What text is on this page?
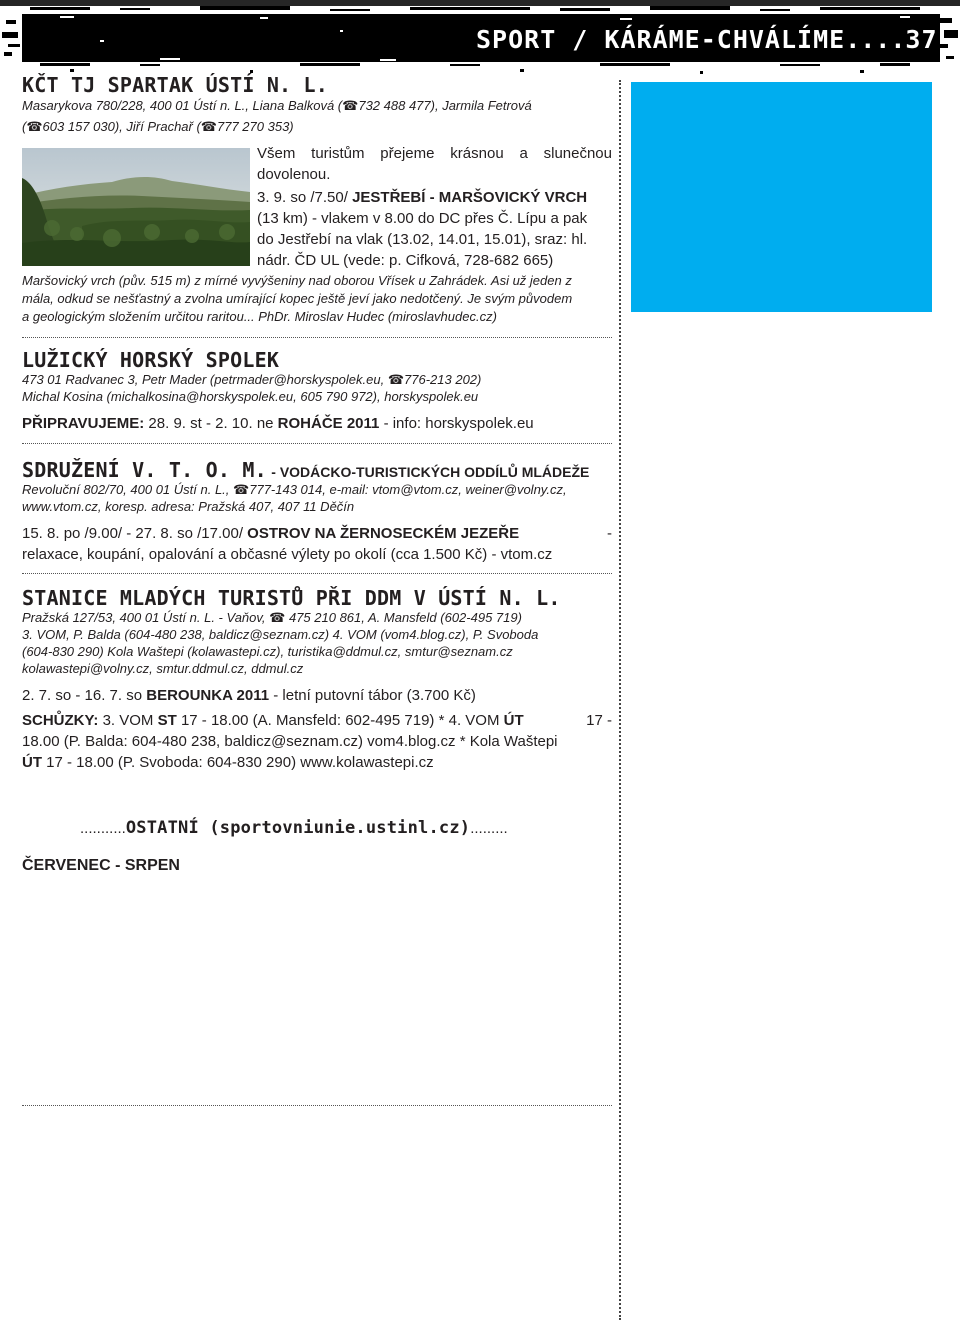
SPORT / KÁRÁME-CHVÁLÍME....37
KČT TJ SPARTAK ÚSTÍ N. L.
Masarykova 780/228, 400 01 Ústí n. L., Liana Balková (☎732 488 477), Jarmila Fetrová
(☎603 157 030), Jiří Prachař (☎777 270 353)
Všem turistům přejeme krásnou a slunečnou dovolenou.
3. 9. so /7.50/ JESTŘEBÍ - MARŠOVICKÝ VRCH
(13 km) - vlakem v 8.00 do DC přes Č. Lípu a pak
do Jestřebí na vlak (13.02, 14.01, 15.01), sraz: hl.
nádr. ČD UL (vede: p. Cifková, 728-682 665)
Maršovický vrch (pův. 515 m) z mírné vyvýšeniny nad oborou Vřísek u Zahrádek. Asi už jeden z
mála, odkud se nešťastný a zvolna umírající kopec ještě jeví jako nedotčený. Je svým původem
a geologickým složením určitou raritou... PhDr. Miroslav Hudec (miroslavhudec.cz)
LUŽICKÝ HORSKÝ SPOLEK
473 01 Radvanec 3, Petr Mader (petrmader@horskyspolek.eu, ☎776-213 202)
Michal Kosina (michalkosina@horskyspolek.eu, 605 790 972), horskyspolek.eu
PŘIPRAVUJEME: 28. 9. st - 2. 10. ne ROHÁČE 2011 - info: horskyspolek.eu
SDRUŽENÍ V. T. O. M. - VODÁCKO-TURISTICKÝCH ODDÍLŮ MLÁDEŽE
Revoluční 802/70, 400 01 Ústí n. L., ☎777-143 014, e-mail: vtom@vtom.cz, weiner@volny.cz,
www.vtom.cz, koresp. adresa: Pražská 407, 407 11 Děčín
15. 8. po /9.00/ - 27. 8. so /17.00/ OSTROV NA ŽERNOSECKÉM JEZEŘE	-
relaxace, koupání, opalování a občasné výlety po okolí (cca 1.500 Kč) - vtom.cz
STANICE MLADÝCH TURISTŮ PŘI DDM V ÚSTÍ N. L.
Pražská 127/53, 400 01 Ústí n. L. - Vaňov, ☎ 475 210 861, A. Mansfeld (602-495 719)
3. VOM, P. Balda (604-480 238, baldicz@seznam.cz) 4. VOM (vom4.blog.cz), P. Svoboda
(604-830 290) Kola Waštepi (kolawastepi.cz), turistika@ddmul.cz, smtur@seznam.cz
kolawastepi@volny.cz, smtur.ddmul.cz, ddmul.cz
2. 7. so - 16. 7. so BEROUNKA 2011 - letní putovní tábor (3.700 Kč)
SCHŮZKY: 3. VOM ST 17 - 18.00 (A. Mansfeld: 602-495 719) * 4. VOM ÚT	17 -
18.00 (P. Balda: 604-480 238, baldicz@seznam.cz) vom4.blog.cz * Kola Waštepi
ÚT 17 - 18.00 (P. Svoboda: 604-830 290) www.kolawastepi.cz
...........OSTATNÍ (sportovniunie.ustinl.cz).........
ČERVENEC - SRPEN
